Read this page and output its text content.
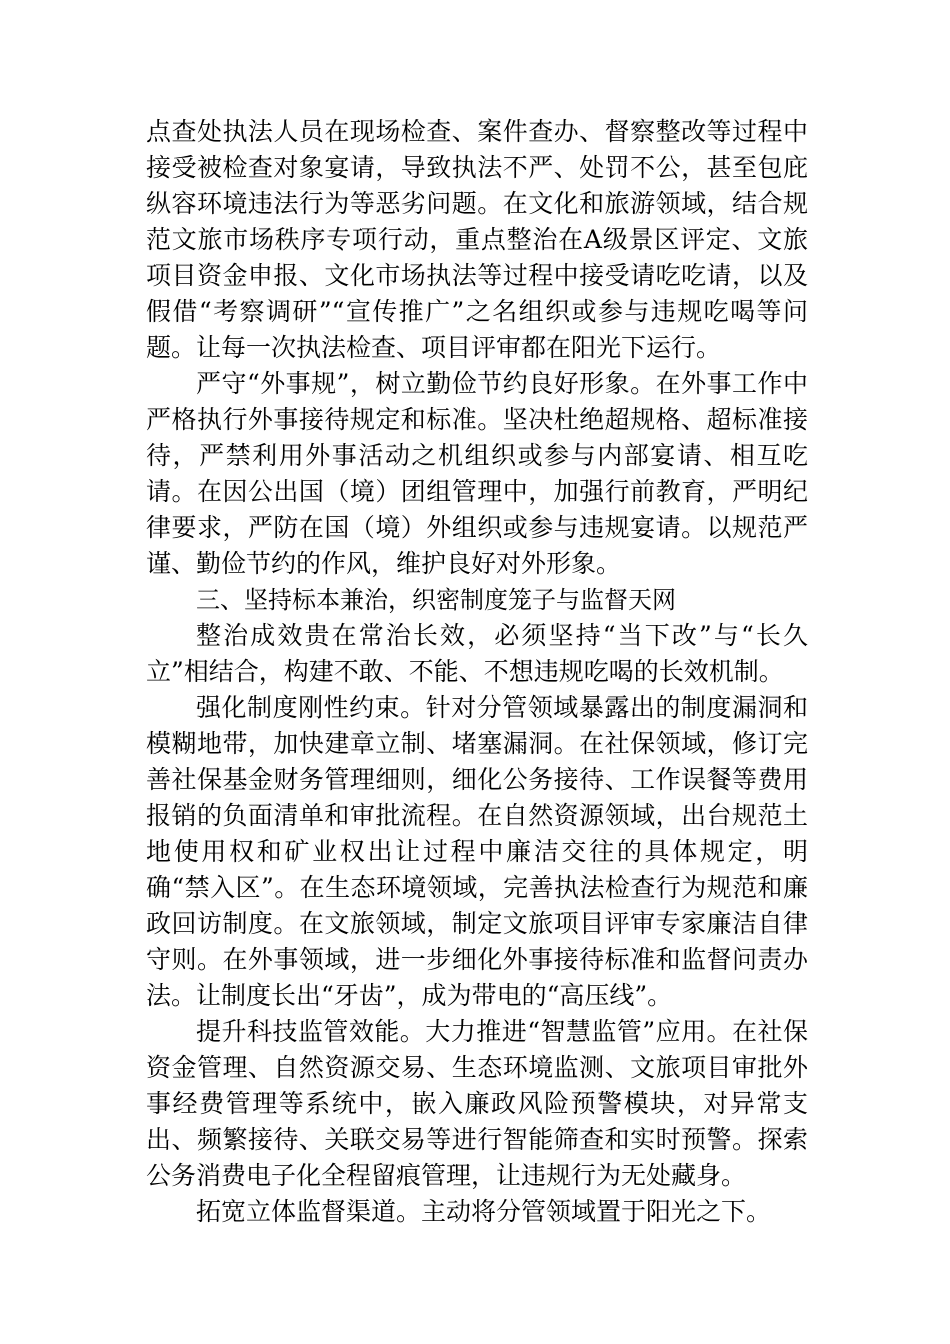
点查处执法人员在现场检查、案件查办、督察整改等过程中接受被检查对象宴请，导致执法不严、处罚不公，甚至包庇纵容环境违法行为等恶劣问题。在文化和旅游领域，结合规范文旅市场秩序专项行动，重点整治在A级景区评定、文旅项目资金申报、文化市场执法等过程中接受请吃吃请，以及假借“考察调研”“宣传推广”之名组织或参与违规吃喝等问题。让每一次执法检查、项目评审都在阳光下运行。

严守“外事规”，树立勤俭节约良好形象。在外事工作中严格执行外事接待规定和标准。坚决杜绝超规格、超标准接待，严禁利用外事活动之机组织或参与内部宴请、相互吃请。在因公出国（境）团组管理中，加强行前教育，严明纪律要求，严防在国（境）外组织或参与违规宴请。以规范严谨、勤俭节约的作风，维护良好对外形象。

三、坚持标本兼治，织密制度笼子与监督天网

整治成效贵在常治长效，必须坚持“当下改”与“长久立”相结合，构建不敢、不能、不想违规吃喝的长效机制。

强化制度刚性约束。针对分管领域暴露出的制度漏洞和模糊地带，加快建章立制、堵塞漏洞。在社保领域，修订完善社保基金财务管理细则，细化公务接待、工作误餐等费用报销的负面清单和审批流程。在自然资源领域，出台规范土地使用权和矿业权出让过程中廉洁交往的具体规定，明确“禁入区”。在生态环境领域，完善执法检查行为规范和廉政回访制度。在文旅领域，制定文旅项目评审专家廉洁自律守则。在外事领域，进一步细化外事接待标准和监督问责办法。让制度长出“牙齿”，成为带电的“高压线”。

提升科技监管效能。大力推进“智慧监管”应用。在社保资金管理、自然资源交易、生态环境监测、文旅项目审批外事经费管理等系统中，嵌入廉政风险预警模块，对异常支出、频繁接待、关联交易等进行智能筛查和实时预警。探索公务消费电子化全程留痕管理，让违规行为无处藏身。

拓宽立体监督渠道。主动将分管领域置于阳光之下。
